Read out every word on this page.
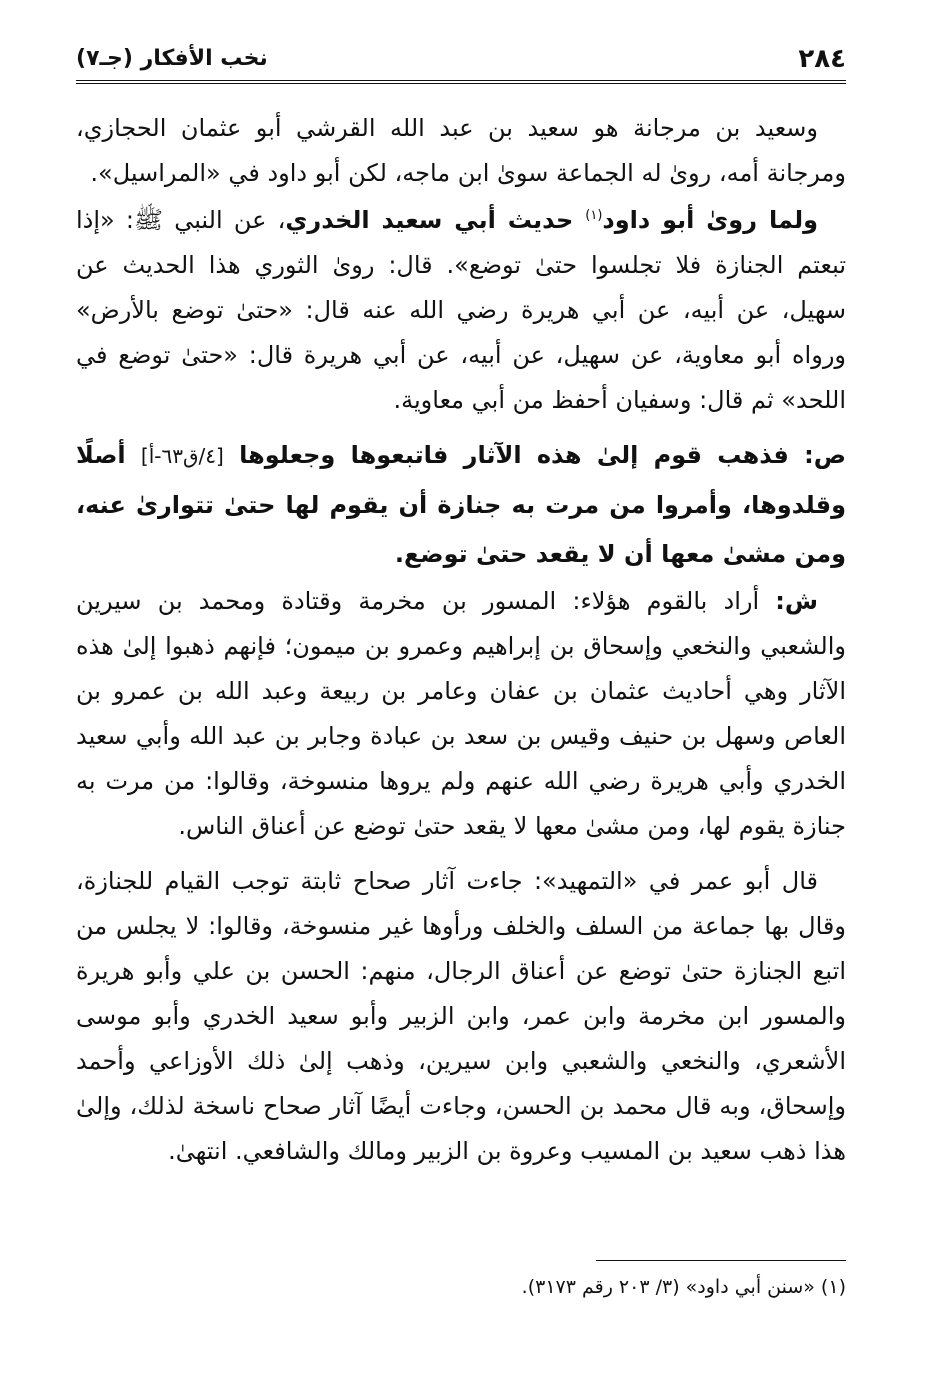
٢٨٤
نخب الأفكار (جـ٧)

وسعيد بن مرجانة هو سعيد بن عبد الله القرشي أبو عثمان الحجازي، ومرجانة أمه، روىٰ له الجماعة سوىٰ ابن ماجه، لكن أبو داود في «المراسيل».

ولما روىٰ أبو داود$^{(١)}$ حديث أبي سعيد الخدري، عن النبي ﷺ: «إذا تبعتم الجنازة فلا تجلسوا حتىٰ توضع». قال: روىٰ الثوري هذا الحديث عن سهيل، عن أبيه، عن أبي هريرة رضي الله عنه قال: «حتىٰ توضع بالأرض» ورواه أبو معاوية، عن سهيل، عن أبيه، عن أبي هريرة قال: «حتىٰ توضع في اللحد» ثم قال: وسفيان أحفظ من أبي معاوية.

ص: فذهب قوم إلىٰ هذه الآثار فاتبعوها وجعلوها [٤/ق٦٣-أ] أصلًا وقلدوها، وأمروا من مرت به جنازة أن يقوم لها حتىٰ تتوارىٰ عنه، ومن مشىٰ معها أن لا يقعد حتىٰ توضع.

ش: أراد بالقوم هؤلاء: المسور بن مخرمة وقتادة ومحمد بن سيرين والشعبي والنخعي وإسحاق بن إبراهيم وعمرو بن ميمون؛ فإنهم ذهبوا إلىٰ هذه الآثار وهي أحاديث عثمان بن عفان وعامر بن ربيعة وعبد الله بن عمرو بن العاص وسهل بن حنيف وقيس بن سعد بن عبادة وجابر بن عبد الله وأبي سعيد الخدري وأبي هريرة رضي الله عنهم ولم يروها منسوخة، وقالوا: من مرت به جنازة يقوم لها، ومن مشىٰ معها لا يقعد حتىٰ توضع عن أعناق الناس.

قال أبو عمر في «التمهيد»: جاءت آثار صحاح ثابتة توجب القيام للجنازة، وقال بها جماعة من السلف والخلف ورأوها غير منسوخة، وقالوا: لا يجلس من اتبع الجنازة حتىٰ توضع عن أعناق الرجال، منهم: الحسن بن علي وأبو هريرة والمسور ابن مخرمة وابن عمر، وابن الزبير وأبو سعيد الخدري وأبو موسى الأشعري، والنخعي والشعبي وابن سيرين، وذهب إلىٰ ذلك الأوزاعي وأحمد وإسحاق، وبه قال محمد بن الحسن، وجاءت أيضًا آثار صحاح ناسخة لذلك، وإلىٰ هذا ذهب سعيد بن المسيب وعروة بن الزبير ومالك والشافعي. انتهىٰ.

(١) «سنن أبي داود» (٣/ ٢٠٣ رقم ٣١٧٣).
